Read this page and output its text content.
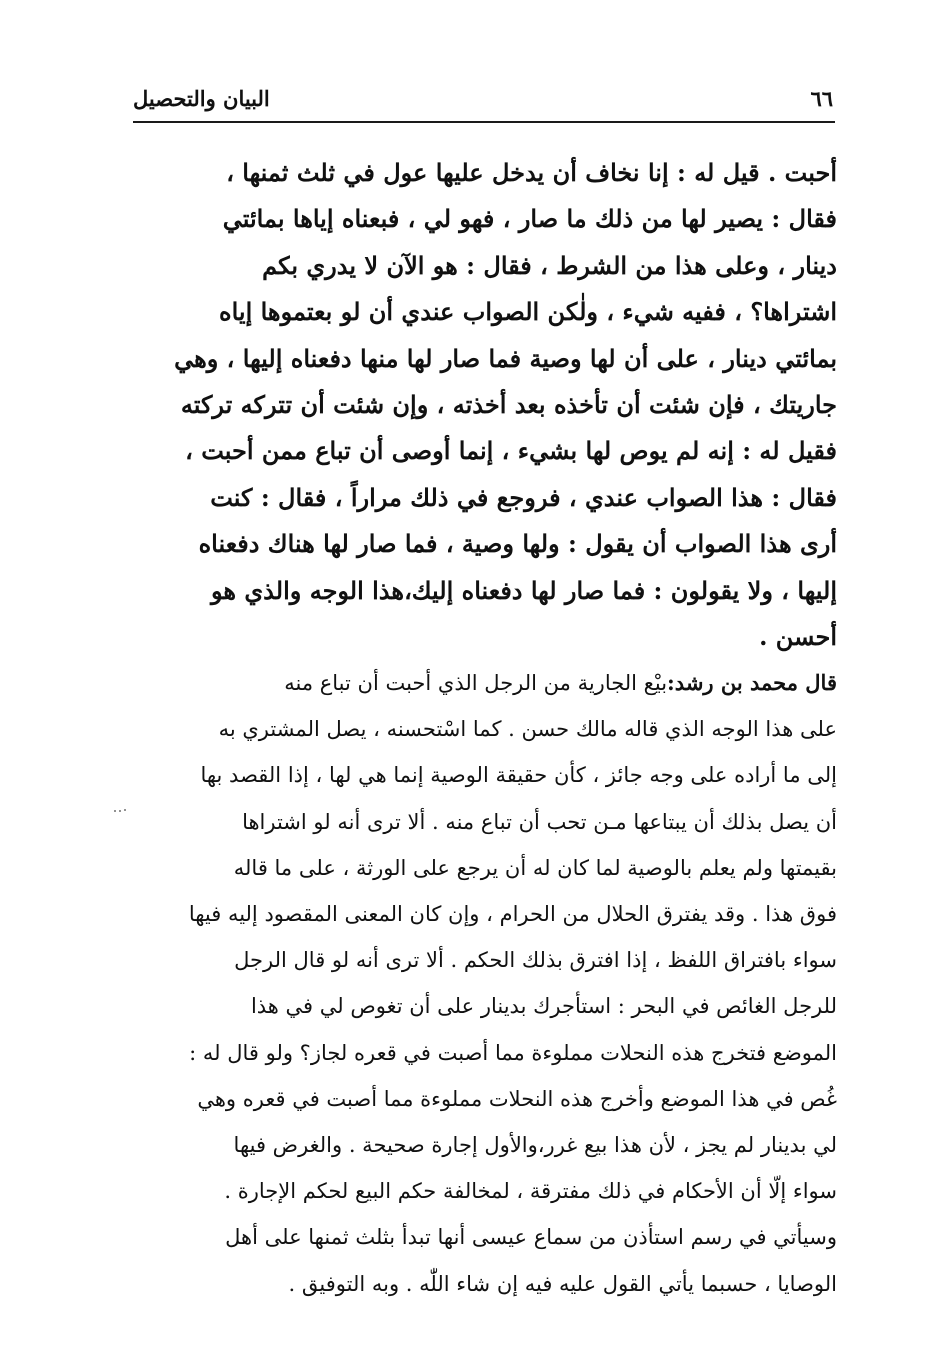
٦٦
البيان والتحصيل
أحبت . قيل له : إنا نخاف أن يدخل عليها عول في ثلث ثمنها ،
فقال : يصير لها من ذلك ما صار ، فهو لي ، فبعناه إياها بمائتي
دينار ، وعلى هذا من الشرط ، فقال : هو الآن لا يدري بكم
اشتراها؟ ، ففيه شيء ، ولٰكن الصواب عندي أن لو بعتموها إياه
بمائتي دينار ، على أن لها وصية فما صار لها منها دفعناه إليها ، وهي
جاريتك ، فإن شئت أن تأخذه بعد أخذته ، وإن شئت أن تتركه تركته
فقيل له : إنه لم يوص لها بشيء ، إنما أوصى أن تباع ممن أحبت ،
فقال : هذا الصواب عندي ، فروجع في ذلك مراراً ، فقال : كنت
أرى هذا الصواب أن يقول : ولها وصية ، فما صار لها هناك دفعناه
إليها ، ولا يقولون : فما صار لها دفعناه إليك،هذا الوجه والذي هو
أحسن .
قال محمد بن رشد:بيْع الجارية من الرجل الذي أحبت أن تباع منه
على هذا الوجه الذي قاله مالك حسن . كما اسْتحسنه ، يصل المشتري به
إلى ما أراده على وجه جائز ، كأن حقيقة الوصية إنما هي لها ، إذا القصد بها
أن يصل بذلك أن يبتاعها مـن تحب أن تباع منه . ألا ترى أنه لو اشتراها
بقيمتها ولم يعلم بالوصية لما كان له أن يرجع على الورثة ، على ما قاله
فوق هذا . وقد يفترق الحلال من الحرام ، وإن كان المعنى المقصود إليه فيها
سواء بافتراق اللفظ ، إذا افترق بذلك الحكم . ألا ترى أنه لو قال الرجل
للرجل الغائص في البحر : استأجرك بدينار على أن تغوص لي في هذا
الموضع فتخرج هذه النحلات مملوءة مما أصبت في قعره لجاز؟ ولو قال له :
غُص في هذا الموضع وأخرج هذه النحلات مملوءة مما أصبت في قعره وهي
لي بدينار لم يجز ، لأن هذا بيع غرر،والأول إجارة صحيحة . والغرض فيها
سواء إلّا أن الأحكام في ذلك مفترقة ، لمخالفة حكم البيع لحكم الإجارة .
وسيأتي في رسم استأذن من سماع عيسى أنها تبدأ بثلث ثمنها على أهل
الوصايا ، حسبما يأتي القول عليه فيه إن شاء اللّٰه . وبه التوفيق .
